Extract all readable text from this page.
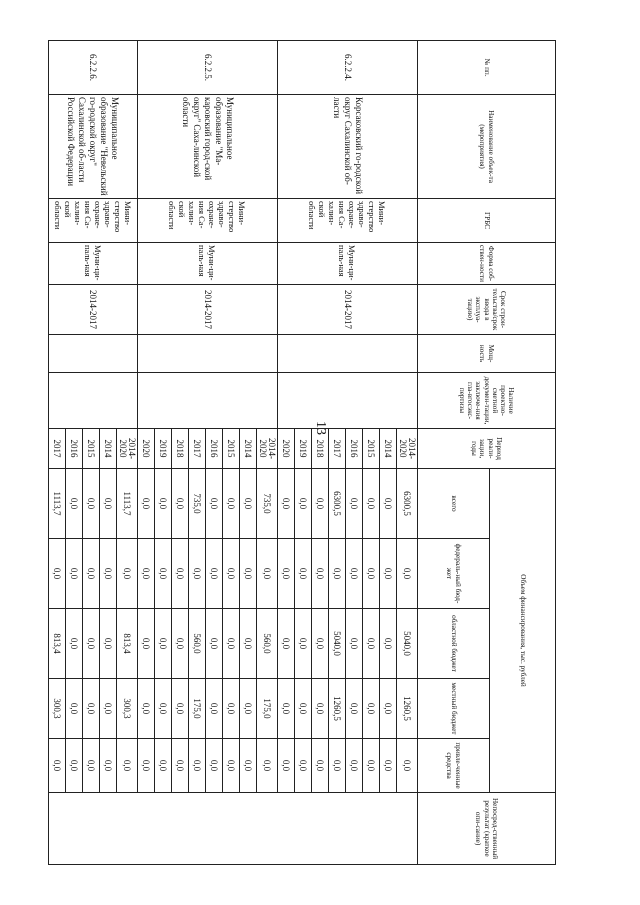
13
№ пп.	Наименование объек-та (мероприятия)	ГРБС	Форма соб-ствен-ности	Срок строи-тельства/срок ввода в эксплуа-тацию)	Мощ-ность	Наличие проектно-сметной докумен-тации, заключе-ния гла-вгосэкс-пертизы	Период реали-зации, годы	Объем финансирования, тыс. рублей					Непосред-ственный результат (краткое опи-сание)
								всего	федераль-ный бюд-жет	областной бюджет	местный бюджет	привле-ченные средства	
6.2.2.4.	Корсаковский го-родской округ Сахалинской об-ласти	Мини-стерство здраво-охране-ния Са-халин-ской области	Муни-ци-паль-ная	2014-2017			2014-2020	6300,5	0,0	5040,0	1260,5	0,0	
							2014	0,0	0,0	0,0	0,0	0,0	
							2015	0,0	0,0	0,0	0,0	0,0	
							2016	0,0	0,0	0,0	0,0	0,0	
							2017	6300,5	0,0	5040,0	1260,5	0,0	
							2018	0,0	0,0	0,0	0,0	0,0	
							2019	0,0	0,0	0,0	0,0	0,0	
							2020	0,0	0,0	0,0	0,0	0,0	
6.2.2.5.	Муниципальное образование "Ма-каровский город-ской округ" Саха-линской области	Мини-стерство здраво-охране-ния Са-халин-ской области	Муни-ци-паль-ная	2014-2017			2014-2020	735,0	0,0	560,0	175,0	0,0	
							2014	0,0	0,0	0,0	0,0	0,0	
							2015	0,0	0,0	0,0	0,0	0,0	
							2016	0,0	0,0	0,0	0,0	0,0	
							2017	735,0	0,0	560,0	175,0	0,0	
							2018	0,0	0,0	0,0	0,0	0,0	
							2019	0,0	0,0	0,0	0,0	0,0	
							2020	0,0	0,0	0,0	0,0	0,0	
6.2.2.6.	Муниципальное образование "Невельский го-родской округ" Сахалинской об-ласти Российской Федерации	Мини-стерство здраво-охране-ния Са-халин-ской области	Муни-ци-паль-ная	2014-2017			2014-2020	1113,7	0,0	813,4	300,3	0,0	
							2014	0,0	0,0	0,0	0,0	0,0	
							2015	0,0	0,0	0,0	0,0	0,0	
							2016	0,0	0,0	0,0	0,0	0,0	
							2017	1113,7	0,0	813,4	300,3	0,0	
